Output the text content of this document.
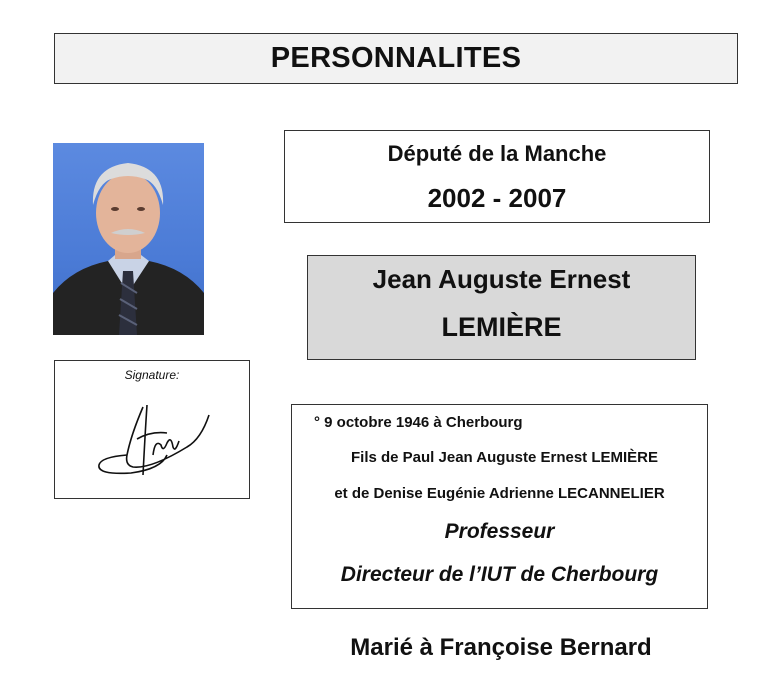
PERSONNALITES
Signature:
Député de la Manche
2002 - 2007
Jean Auguste Ernest
LEMIÈRE
° 9 octobre 1946 à Cherbourg
Fils de Paul Jean Auguste Ernest LEMIÈRE
et de Denise Eugénie Adrienne LECANNELIER
Professeur
Directeur de l’IUT de Cherbourg
Marié à Françoise Bernard
